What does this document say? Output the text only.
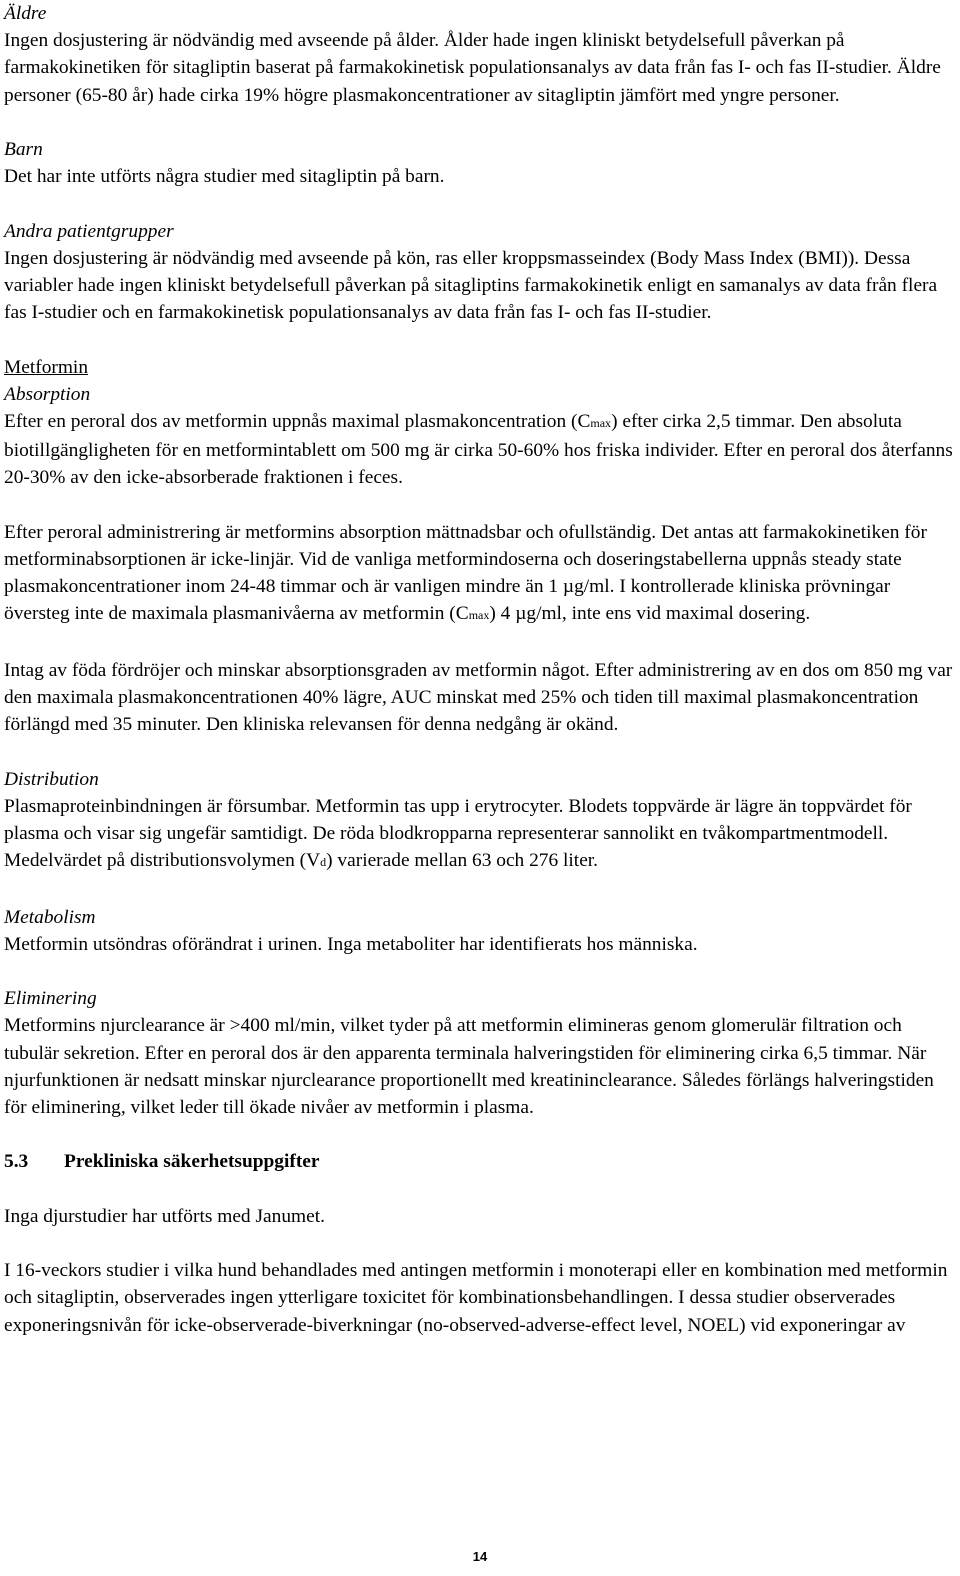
Äldre

Ingen dosjustering är nödvändig med avseende på ålder. Ålder hade ingen kliniskt betydelsefull påverkan på farmakokinetiken för sitagliptin baserat på farmakokinetisk populationsanalys av data från fas I- och fas II-studier. Äldre personer (65-80 år) hade cirka 19% högre plasmakoncentrationer av sitagliptin jämfört med yngre personer.

Barn

Det har inte utförts några studier med sitagliptin på barn.

Andra patientgrupper

Ingen dosjustering är nödvändig med avseende på kön, ras eller kroppsmasseindex (Body Mass Index (BMI)). Dessa variabler hade ingen kliniskt betydelsefull påverkan på sitagliptins farmakokinetik enligt en samanalys av data från flera fas I-studier och en farmakokinetisk populationsanalys av data från fas I- och fas II-studier.

Metformin
Absorption

Efter en peroral dos av metformin uppnås maximal plasmakoncentration (Cmax) efter cirka 2,5 timmar. Den absoluta biotillgängligheten för en metformintablett om 500 mg är cirka 50-60% hos friska individer. Efter en peroral dos återfanns 20-30% av den icke-absorberade fraktionen i feces.

Efter peroral administrering är metformins absorption mättnadsbar och ofullständig. Det antas att farmakokinetiken för metforminabsorptionen är icke-linjär. Vid de vanliga metformindoserna och doseringstabellerna uppnås steady state plasmakoncentrationer inom 24-48 timmar och är vanligen mindre än 1 µg/ml. I kontrollerade kliniska prövningar översteg inte de maximala plasmanivåerna av metformin (Cmax) 4 µg/ml, inte ens vid maximal dosering.

Intag av föda fördröjer och minskar absorptionsgraden av metformin något. Efter administrering av en dos om 850 mg var den maximala plasmakoncentrationen 40% lägre, AUC minskat med 25% och tiden till maximal plasmakoncentration förlängd med 35 minuter. Den kliniska relevansen för denna nedgång är okänd.

Distribution

Plasmaproteinbindningen är försumbar. Metformin tas upp i erytrocyter. Blodets toppvärde är lägre än toppvärdet för plasma och visar sig ungefär samtidigt. De röda blodkropparna representerar sannolikt en tvåkompartmentmodell. Medelvärdet på distributionsvolymen (Vd) varierade mellan 63 och 276 liter.

Metabolism

Metformin utsöndras oförändrat i urinen. Inga metaboliter har identifierats hos människa.

Eliminering

Metformins njurclearance är >400 ml/min, vilket tyder på att metformin elimineras genom glomerulär filtration och tubulär sekretion. Efter en peroral dos är den apparenta terminala halveringstiden för eliminering cirka 6,5 timmar. När njurfunktionen är nedsatt minskar njurclearance proportionellt med kreatininclearance. Således förlängs halveringstiden för eliminering, vilket leder till ökade nivåer av metformin i plasma.

5.3 Prekliniska säkerhetsuppgifter

Inga djurstudier har utförts med Janumet.

I 16-veckors studier i vilka hund behandlades med antingen metformin i monoterapi eller en kombination med metformin och sitagliptin, observerades ingen ytterligare toxicitet för kombinationsbehandlingen. I dessa studier observerades exponeringsnivån för icke-observerade-biverkningar (no-observed-adverse-effect level, NOEL) vid exponeringar av

14
